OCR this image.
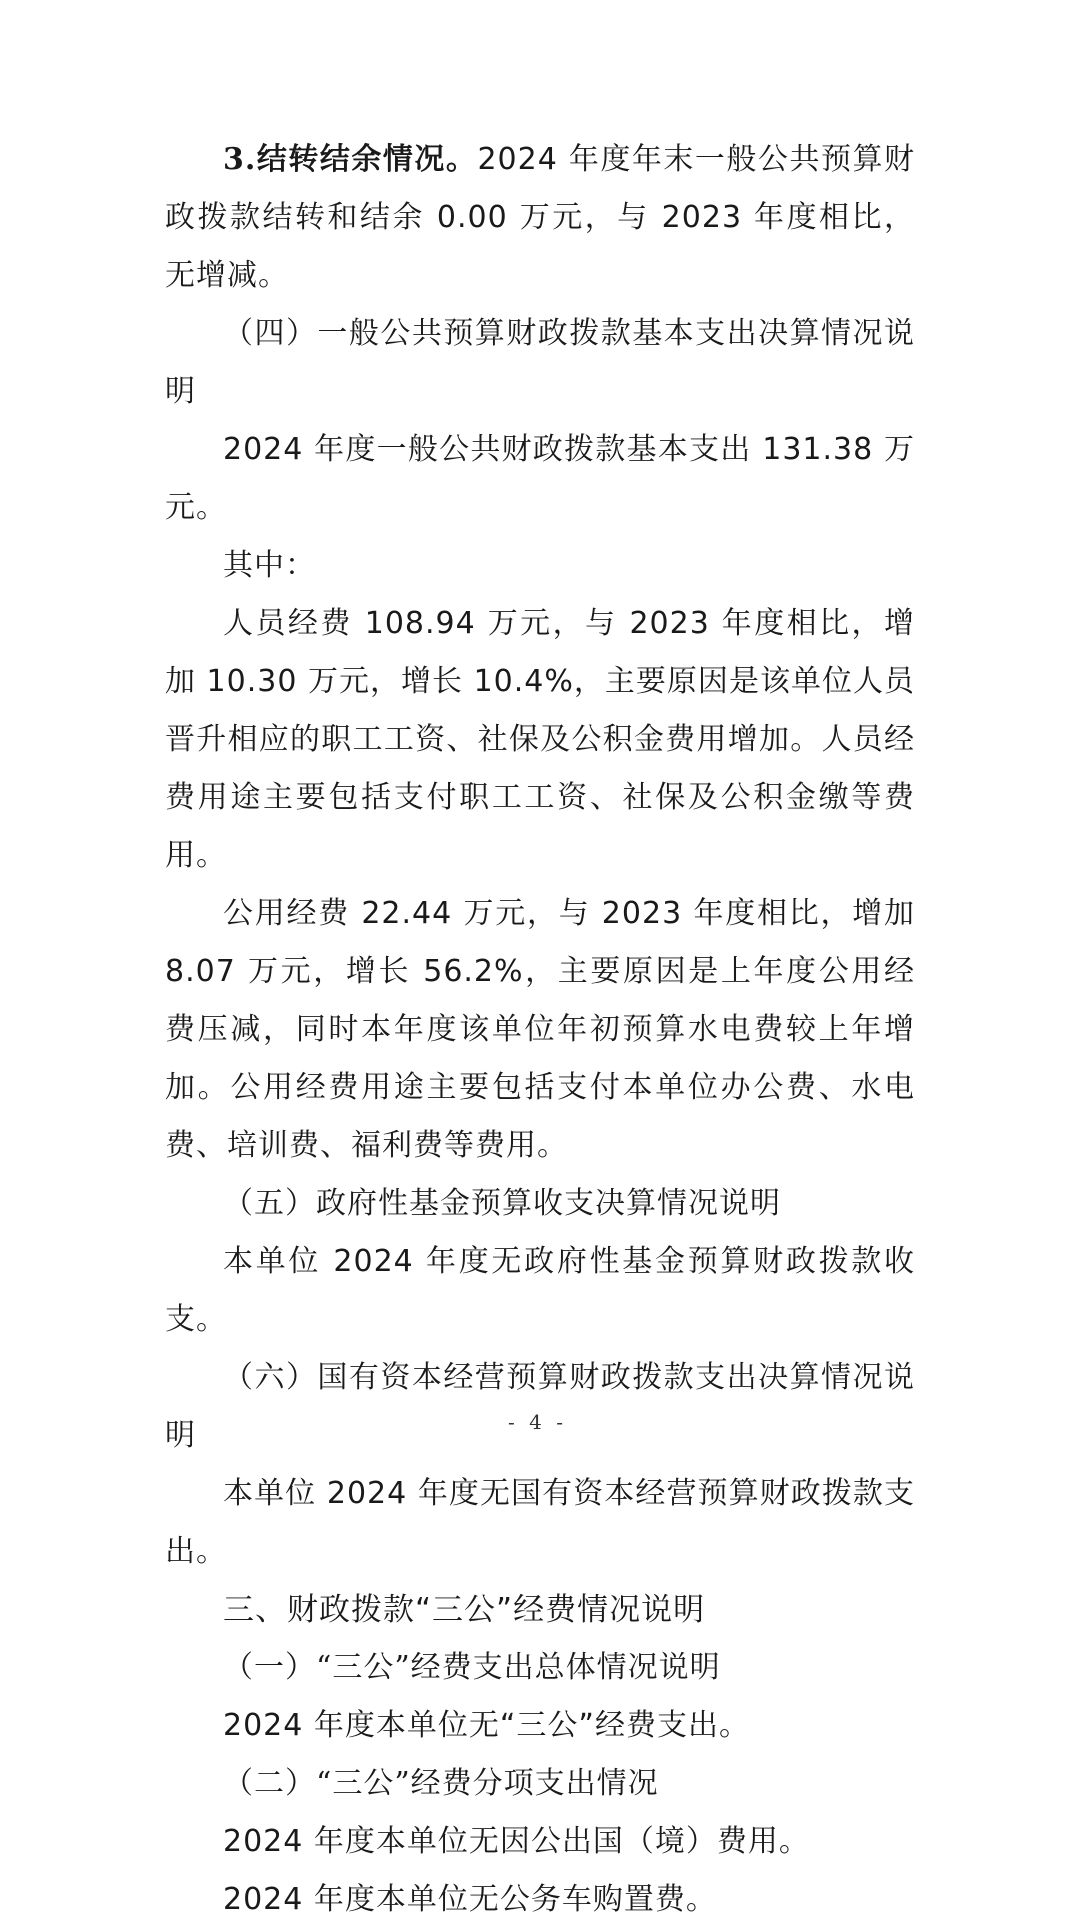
3.结转结余情况。2024 年度年末一般公共预算财政拨款结转和结余 0.00 万元，与 2023 年度相比，无增减。

（四）一般公共预算财政拨款基本支出决算情况说明

2024 年度一般公共财政拨款基本支出 131.38 万元。

其中：

人员经费 108.94 万元，与 2023 年度相比，增加 10.30 万元，增长 10.4%，主要原因是该单位人员晋升相应的职工工资、社保及公积金费用增加。人员经费用途主要包括支付职工工资、社保及公积金缴等费用。

公用经费 22.44 万元，与 2023 年度相比，增加 8.07 万元，增长 56.2%，主要原因是上年度公用经费压减，同时本年度该单位年初预算水电费较上年增加。公用经费用途主要包括支付本单位办公费、水电费、培训费、福利费等费用。

（五）政府性基金预算收支决算情况说明

本单位 2024 年度无政府性基金预算财政拨款收支。

（六）国有资本经营预算财政拨款支出决算情况说明

本单位 2024 年度无国有资本经营预算财政拨款支出。

三、财政拨款“三公”经费情况说明

（一）“三公”经费支出总体情况说明

2024 年度本单位无“三公”经费支出。

（二）“三公”经费分项支出情况

2024 年度本单位无因公出国（境）费用。

2024 年度本单位无公务车购置费。

- 4 -
